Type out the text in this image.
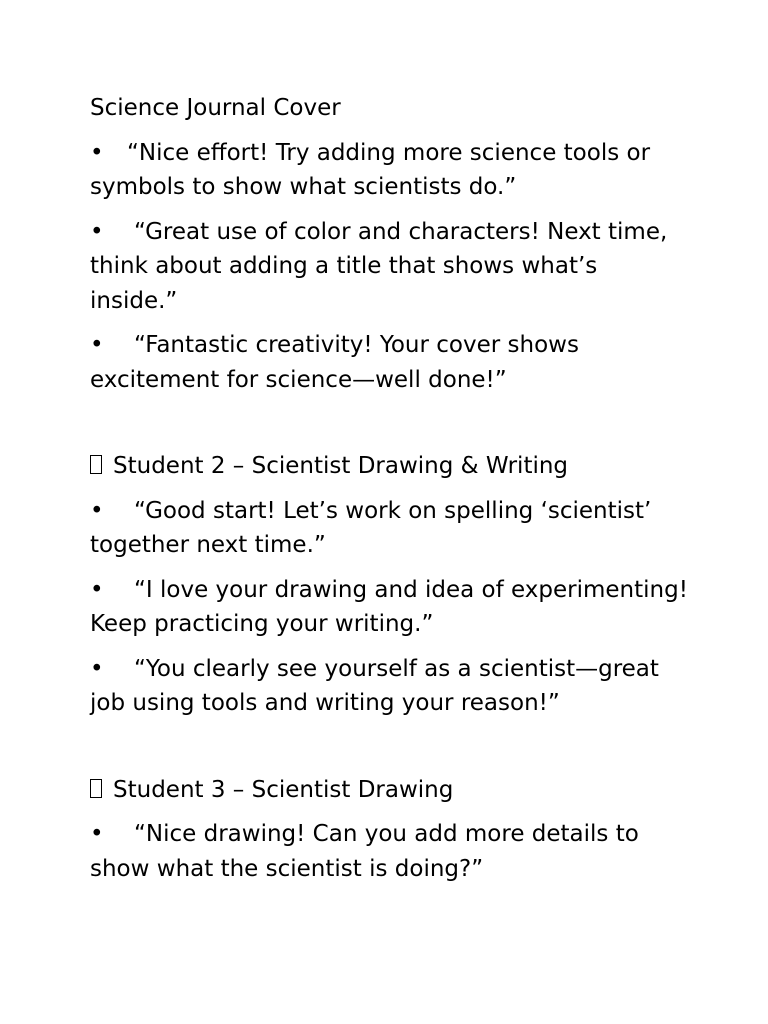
Science Journal Cover

• “Nice effort! Try adding more science tools or symbols to show what scientists do.”

• “Great use of color and characters! Next time, think about adding a title that shows what’s inside.”

• “Fantastic creativity! Your cover shows excitement for science—well done!”

Student 2 – Scientist Drawing & Writing

• “Good start! Let’s work on spelling ‘scientist’ together next time.”

• “I love your drawing and idea of experimenting! Keep practicing your writing.”

• “You clearly see yourself as a scientist—great job using tools and writing your reason!”

Student 3 – Scientist Drawing

• “Nice drawing! Can you add more details to show what the scientist is doing?”
